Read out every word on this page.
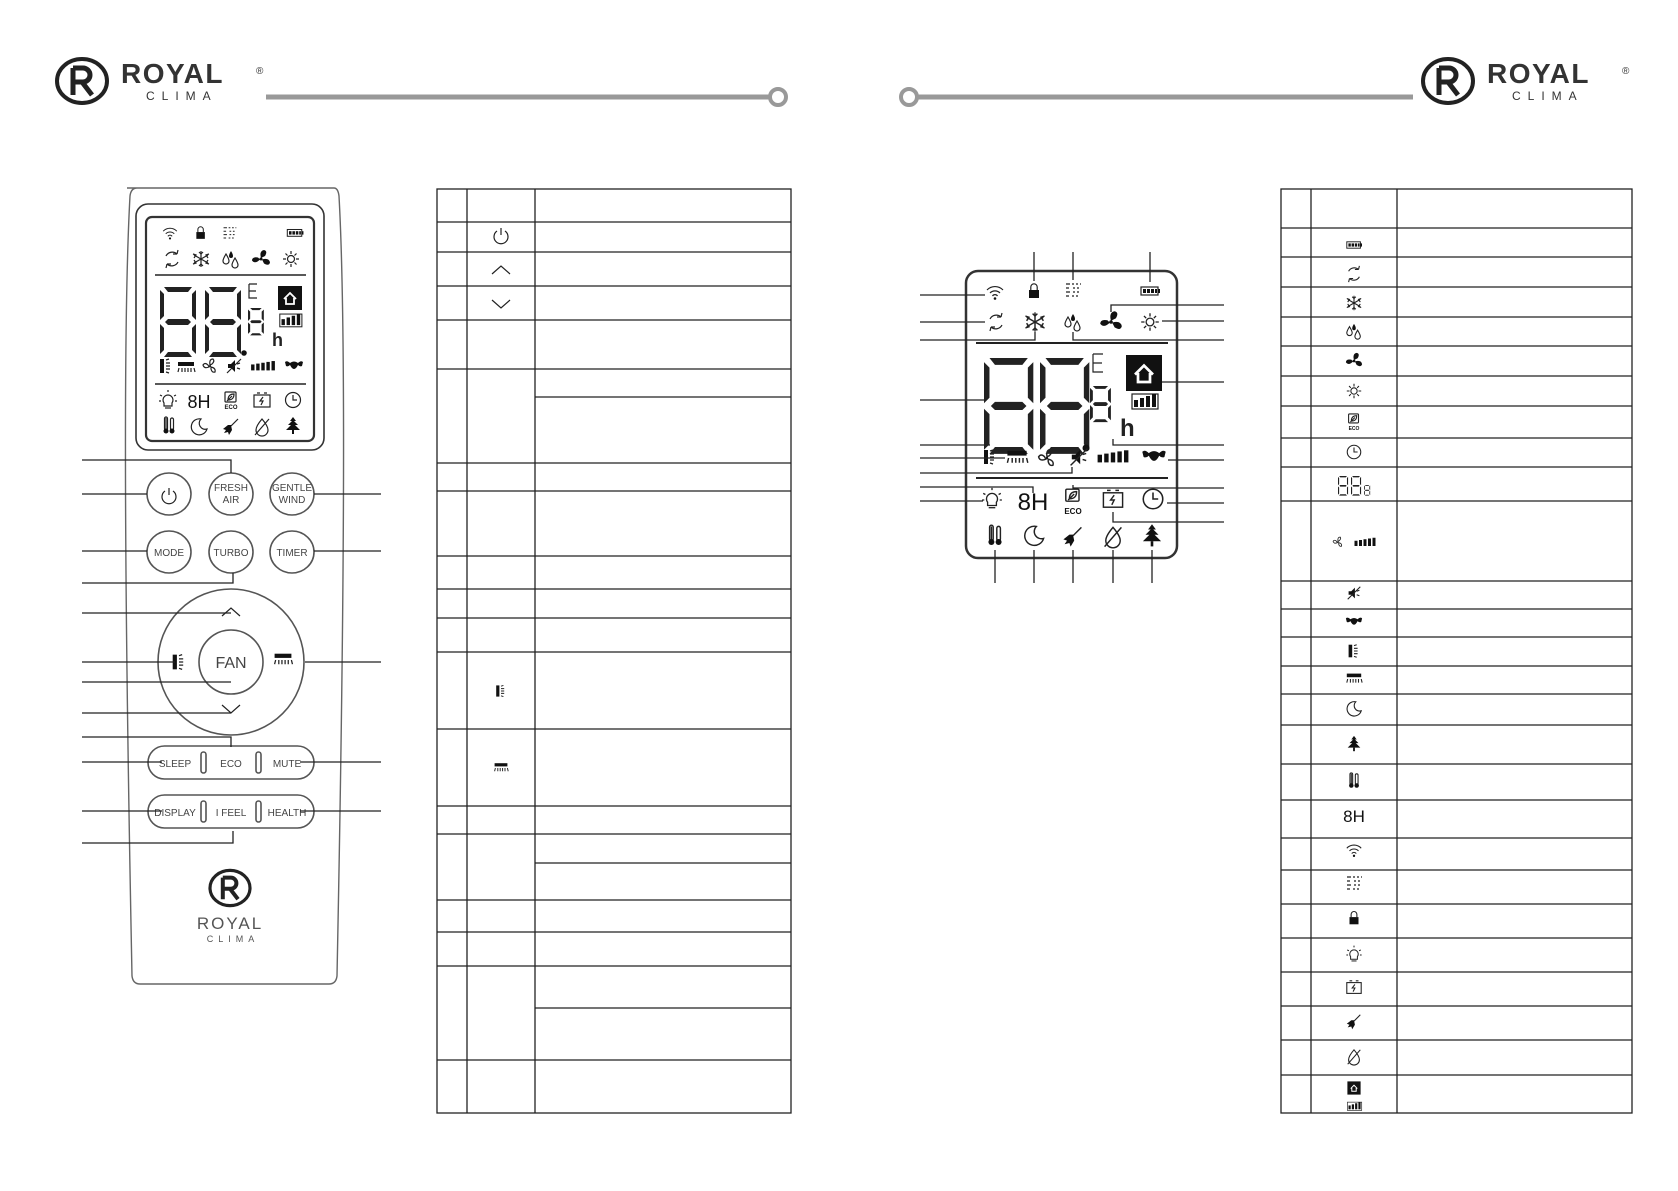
ROYAL	®
CLIMA
ROYAL	®
CLIMA
h
8H ECO
FRESH
AIR
GENTLE
WIND
MODE	TURBO	TIMER
FAN
SLEEP	ECO	MUTE
DISPLAY I FEEL HEALTH
ROYAL
CLIMA
h
8H ECO
ECO
8H
